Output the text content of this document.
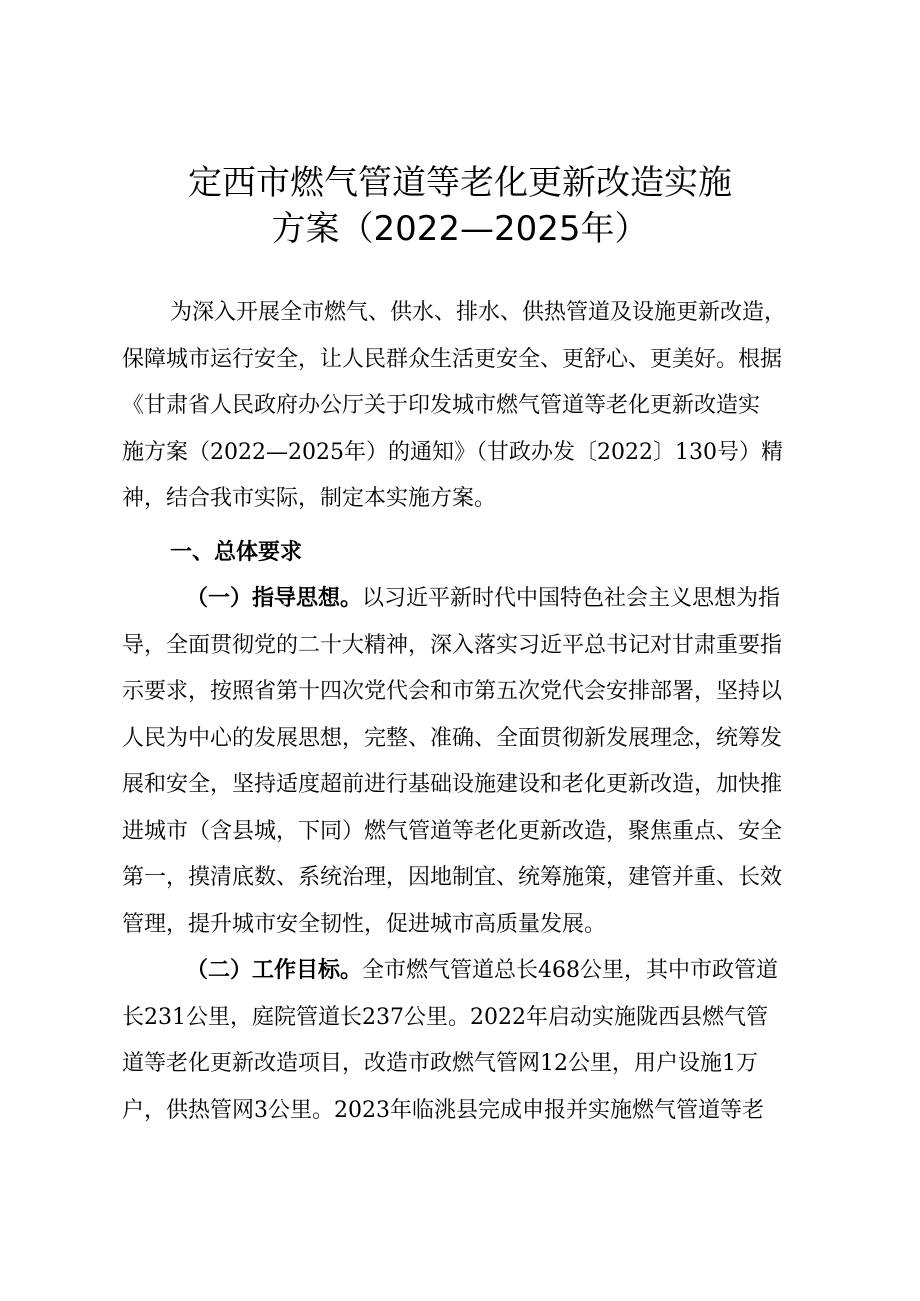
定西市燃气管道等老化更新改造实施
方案（2022—2025年）
为深入开展全市燃气、供水、排水、供热管道及设施更新改造，
保障城市运行安全，让人民群众生活更安全、更舒心、更美好。根据
《甘肃省人民政府办公厅关于印发城市燃气管道等老化更新改造实
施方案（2022—2025年）的通知》（甘政办发〔2022〕130号）精
神，结合我市实际，制定本实施方案。
一、总体要求
（一）指导思想。以习近平新时代中国特色社会主义思想为指
导，全面贯彻党的二十大精神，深入落实习近平总书记对甘肃重要指
示要求，按照省第十四次党代会和市第五次党代会安排部署，坚持以
人民为中心的发展思想，完整、准确、全面贯彻新发展理念，统筹发
展和安全，坚持适度超前进行基础设施建设和老化更新改造，加快推
进城市（含县城，下同）燃气管道等老化更新改造，聚焦重点、安全
第一，摸清底数、系统治理，因地制宜、统筹施策，建管并重、长效
管理，提升城市安全韧性，促进城市高质量发展。
（二）工作目标。全市燃气管道总长468公里，其中市政管道
长231公里，庭院管道长237公里。2022年启动实施陇西县燃气管
道等老化更新改造项目，改造市政燃气管网12公里，用户设施1万
户，供热管网3公里。2023年临洮县完成申报并实施燃气管道等老
